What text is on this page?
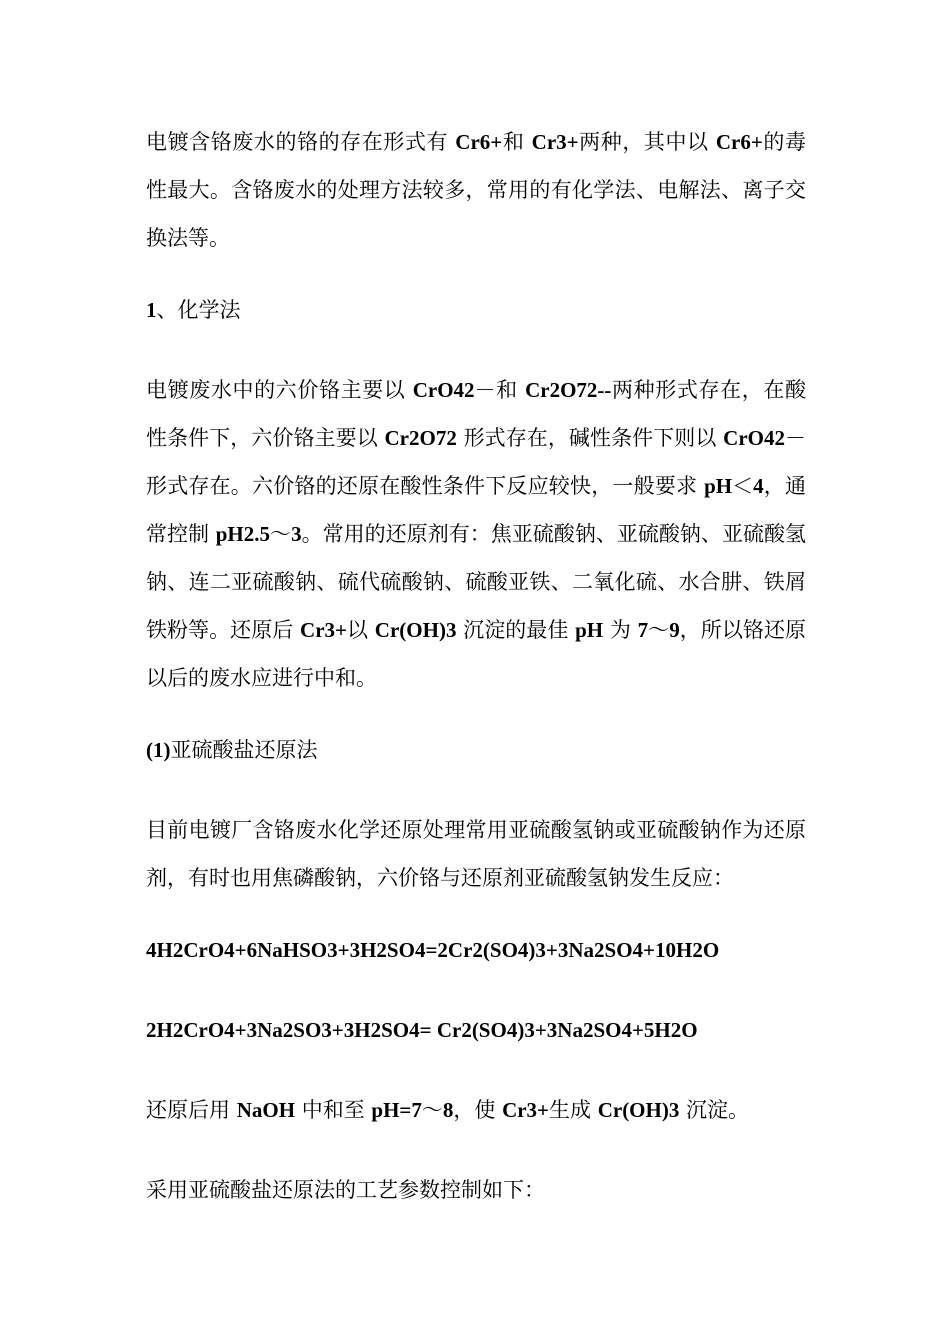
电镀含铬废水的铬的存在形式有 Cr6+和 Cr3+两种，其中以 Cr6+的毒性最大。含铬废水的处理方法较多，常用的有化学法、电解法、离子交换法等。

1、化学法

电镀废水中的六价铬主要以 CrO42－和 Cr2O72--两种形式存在，在酸性条件下，六价铬主要以 Cr2O72 形式存在，碱性条件下则以 CrO42－形式存在。六价铬的还原在酸性条件下反应较快，一般要求 pH＜4，通常控制 pH2.5～3。常用的还原剂有：焦亚硫酸钠、亚硫酸钠、亚硫酸氢钠、连二亚硫酸钠、硫代硫酸钠、硫酸亚铁、二氧化硫、水合肼、铁屑铁粉等。还原后 Cr3+以 Cr(OH)3 沉淀的最佳 pH 为 7～9，所以铬还原以后的废水应进行中和。

(1)亚硫酸盐还原法

目前电镀厂含铬废水化学还原处理常用亚硫酸氢钠或亚硫酸钠作为还原剂，有时也用焦磷酸钠，六价铬与还原剂亚硫酸氢钠发生反应：

4H2CrO4+6NaHSO3+3H2SO4=2Cr2(SO4)3+3Na2SO4+10H2O
2H2CrO4+3Na2SO3+3H2SO4= Cr2(SO4)3+3Na2SO4+5H2O

还原后用 NaOH 中和至 pH=7～8，使 Cr3+生成 Cr(OH)3 沉淀。

采用亚硫酸盐还原法的工艺参数控制如下：
